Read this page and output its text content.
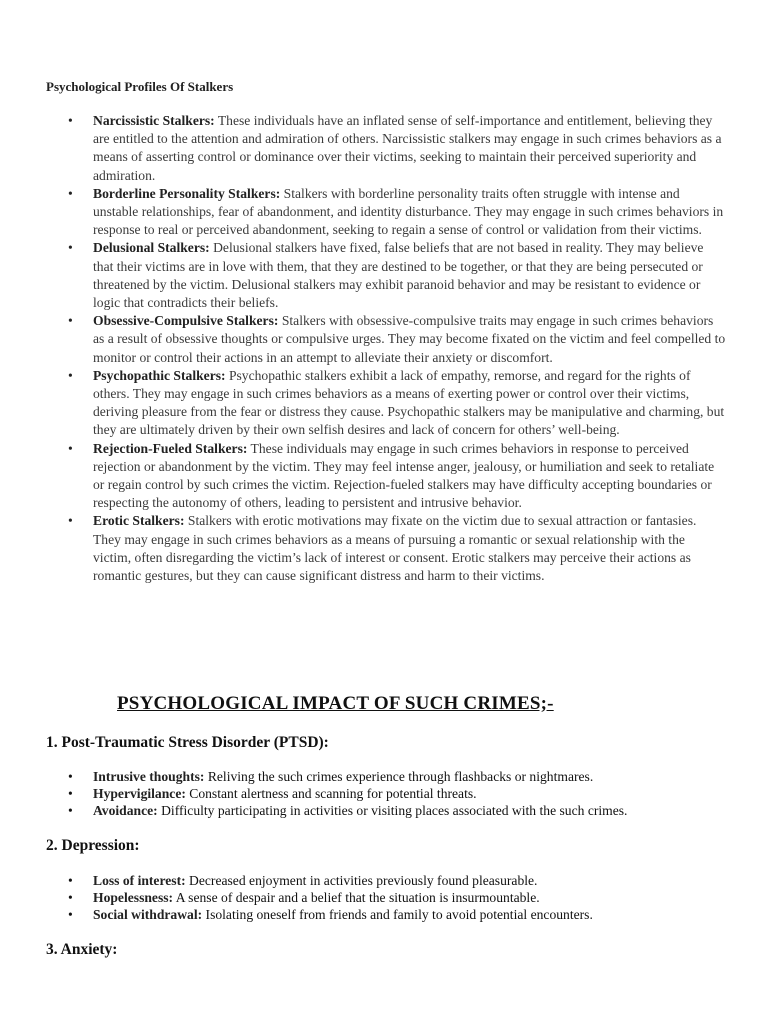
Psychological Profiles Of Stalkers
• Narcissistic Stalkers: These individuals have an inflated sense of self-importance and entitlement, believing they are entitled to the attention and admiration of others. Narcissistic stalkers may engage in such crimes behaviors as a means of asserting control or dominance over their victims, seeking to maintain their perceived superiority and admiration.
• Borderline Personality Stalkers: Stalkers with borderline personality traits often struggle with intense and unstable relationships, fear of abandonment, and identity disturbance. They may engage in such crimes behaviors in response to real or perceived abandonment, seeking to regain a sense of control or validation from their victims.
• Delusional Stalkers: Delusional stalkers have fixed, false beliefs that are not based in reality. They may believe that their victims are in love with them, that they are destined to be together, or that they are being persecuted or threatened by the victim. Delusional stalkers may exhibit paranoid behavior and may be resistant to evidence or logic that contradicts their beliefs.
• Obsessive-Compulsive Stalkers: Stalkers with obsessive-compulsive traits may engage in such crimes behaviors as a result of obsessive thoughts or compulsive urges. They may become fixated on the victim and feel compelled to monitor or control their actions in an attempt to alleviate their anxiety or discomfort.
• Psychopathic Stalkers: Psychopathic stalkers exhibit a lack of empathy, remorse, and regard for the rights of others. They may engage in such crimes behaviors as a means of exerting power or control over their victims, deriving pleasure from the fear or distress they cause. Psychopathic stalkers may be manipulative and charming, but they are ultimately driven by their own selfish desires and lack of concern for others’ well-being.
• Rejection-Fueled Stalkers: These individuals may engage in such crimes behaviors in response to perceived rejection or abandonment by the victim. They may feel intense anger, jealousy, or humiliation and seek to retaliate or regain control by such crimes the victim. Rejection-fueled stalkers may have difficulty accepting boundaries or respecting the autonomy of others, leading to persistent and intrusive behavior.
• Erotic Stalkers: Stalkers with erotic motivations may fixate on the victim due to sexual attraction or fantasies. They may engage in such crimes behaviors as a means of pursuing a romantic or sexual relationship with the victim, often disregarding the victim’s lack of interest or consent. Erotic stalkers may perceive their actions as romantic gestures, but they can cause significant distress and harm to their victims.
PSYCHOLOGICAL IMPACT OF SUCH CRIMES;-
1. Post-Traumatic Stress Disorder (PTSD):
• Intrusive thoughts: Reliving the such crimes experience through flashbacks or nightmares.
• Hypervigilance: Constant alertness and scanning for potential threats.
• Avoidance: Difficulty participating in activities or visiting places associated with the such crimes.
2. Depression:
• Loss of interest: Decreased enjoyment in activities previously found pleasurable.
• Hopelessness: A sense of despair and a belief that the situation is insurmountable.
• Social withdrawal: Isolating oneself from friends and family to avoid potential encounters.
3. Anxiety:
